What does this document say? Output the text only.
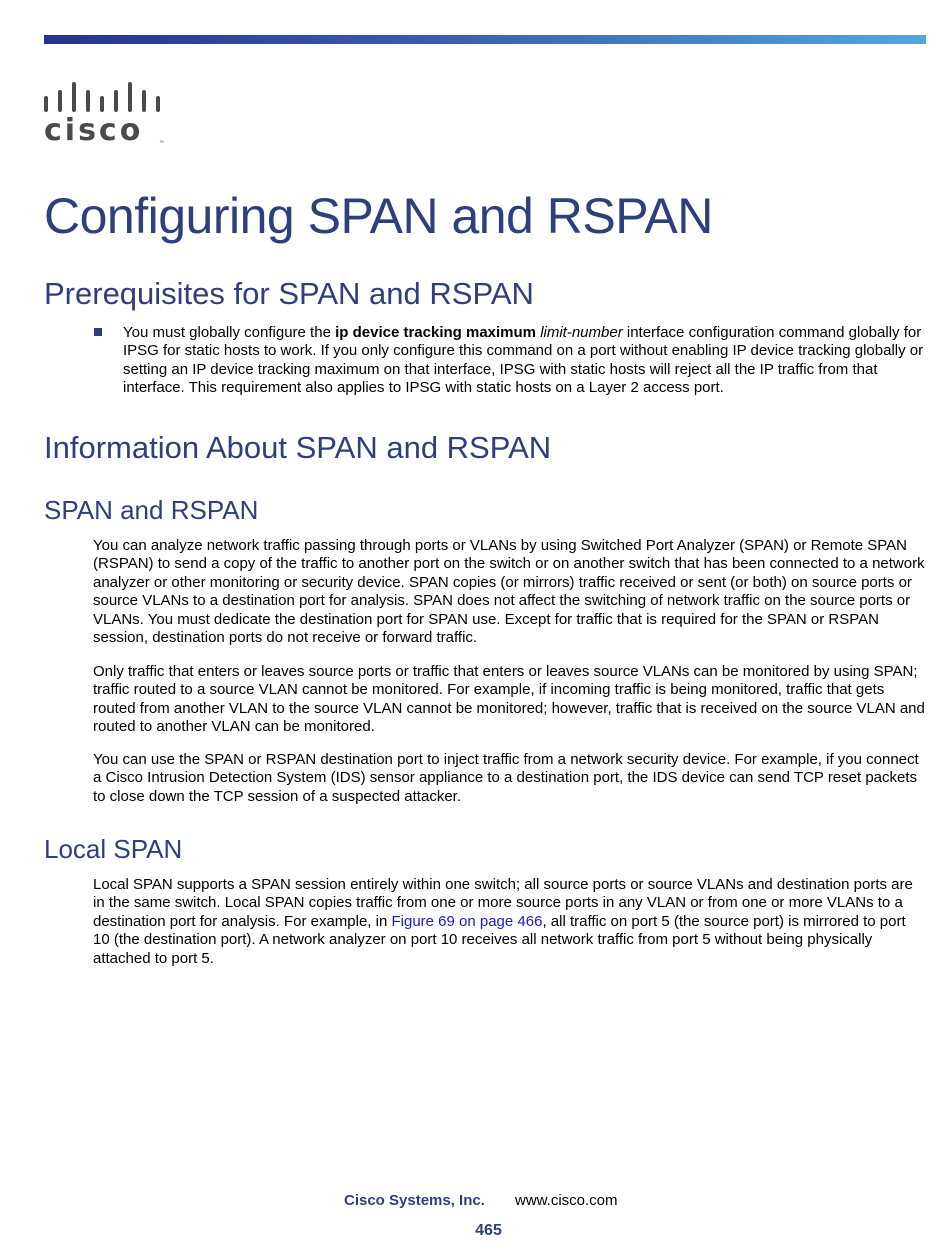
cisco	™
Configuring SPAN and RSPAN
Prerequisites for SPAN and RSPAN

You must globally configure the ip device tracking maximum limit-number interface configuration command globally for IPSG for static hosts to work. If you only configure this command on a port without enabling IP device tracking globally or setting an IP device tracking maximum on that interface, IPSG with static hosts will reject all the IP traffic from that interface. This requirement also applies to IPSG with static hosts on a Layer 2 access port.

Information About SPAN and RSPAN
SPAN and RSPAN

You can analyze network traffic passing through ports or VLANs by using Switched Port Analyzer (SPAN) or Remote SPAN (RSPAN) to send a copy of the traffic to another port on the switch or on another switch that has been connected to a network analyzer or other monitoring or security device. SPAN copies (or mirrors) traffic received or sent (or both) on source ports or source VLANs to a destination port for analysis. SPAN does not affect the switching of network traffic on the source ports or VLANs. You must dedicate the destination port for SPAN use. Except for traffic that is required for the SPAN or RSPAN session, destination ports do not receive or forward traffic.

Only traffic that enters or leaves source ports or traffic that enters or leaves source VLANs can be monitored by using SPAN; traffic routed to a source VLAN cannot be monitored. For example, if incoming traffic is being monitored, traffic that gets routed from another VLAN to the source VLAN cannot be monitored; however, traffic that is received on the source VLAN and routed to another VLAN can be monitored.

You can use the SPAN or RSPAN destination port to inject traffic from a network security device. For example, if you connect a Cisco Intrusion Detection System (IDS) sensor appliance to a destination port, the IDS device can send TCP reset packets to close down the TCP session of a suspected attacker.

Local SPAN

Local SPAN supports a SPAN session entirely within one switch; all source ports or source VLANs and destination ports are in the same switch. Local SPAN copies traffic from one or more source ports in any VLAN or from one or more VLANs to a destination port for analysis. For example, in Figure 69 on page 466, all traffic on port 5 (the source port) is mirrored to port 10 (the destination port). A network analyzer on port 10 receives all network traffic from port 5 without being physically attached to port 5.

Cisco Systems, Inc. www.cisco.com
465
